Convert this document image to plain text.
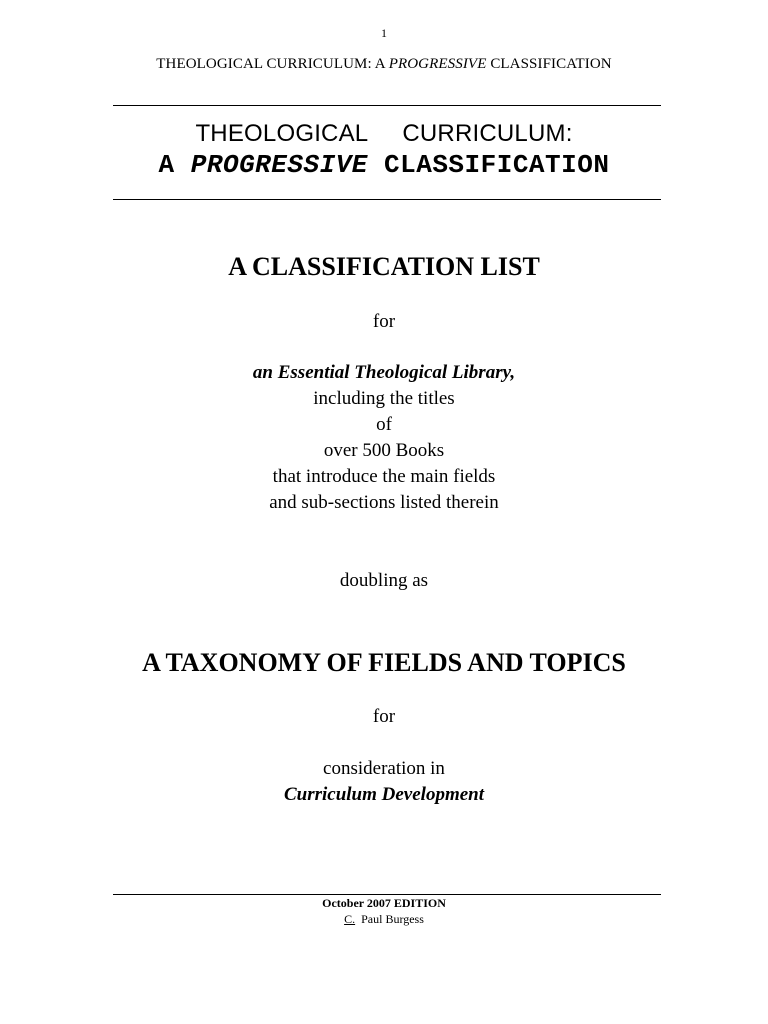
1
THEOLOGICAL CURRICULUM: A PROGRESSIVE CLASSIFICATION
THEOLOGICAL CURRICULUM:
A PROGRESSIVE CLASSIFICATION
A CLASSIFICATION LIST
for
an Essential Theological Library,
including the titles
of
over 500 Books
that introduce the main fields
and sub-sections listed therein
doubling as
A TAXONOMY OF FIELDS AND TOPICS
for
consideration in
Curriculum Development
October 2007 EDITION
C. Paul Burgess
